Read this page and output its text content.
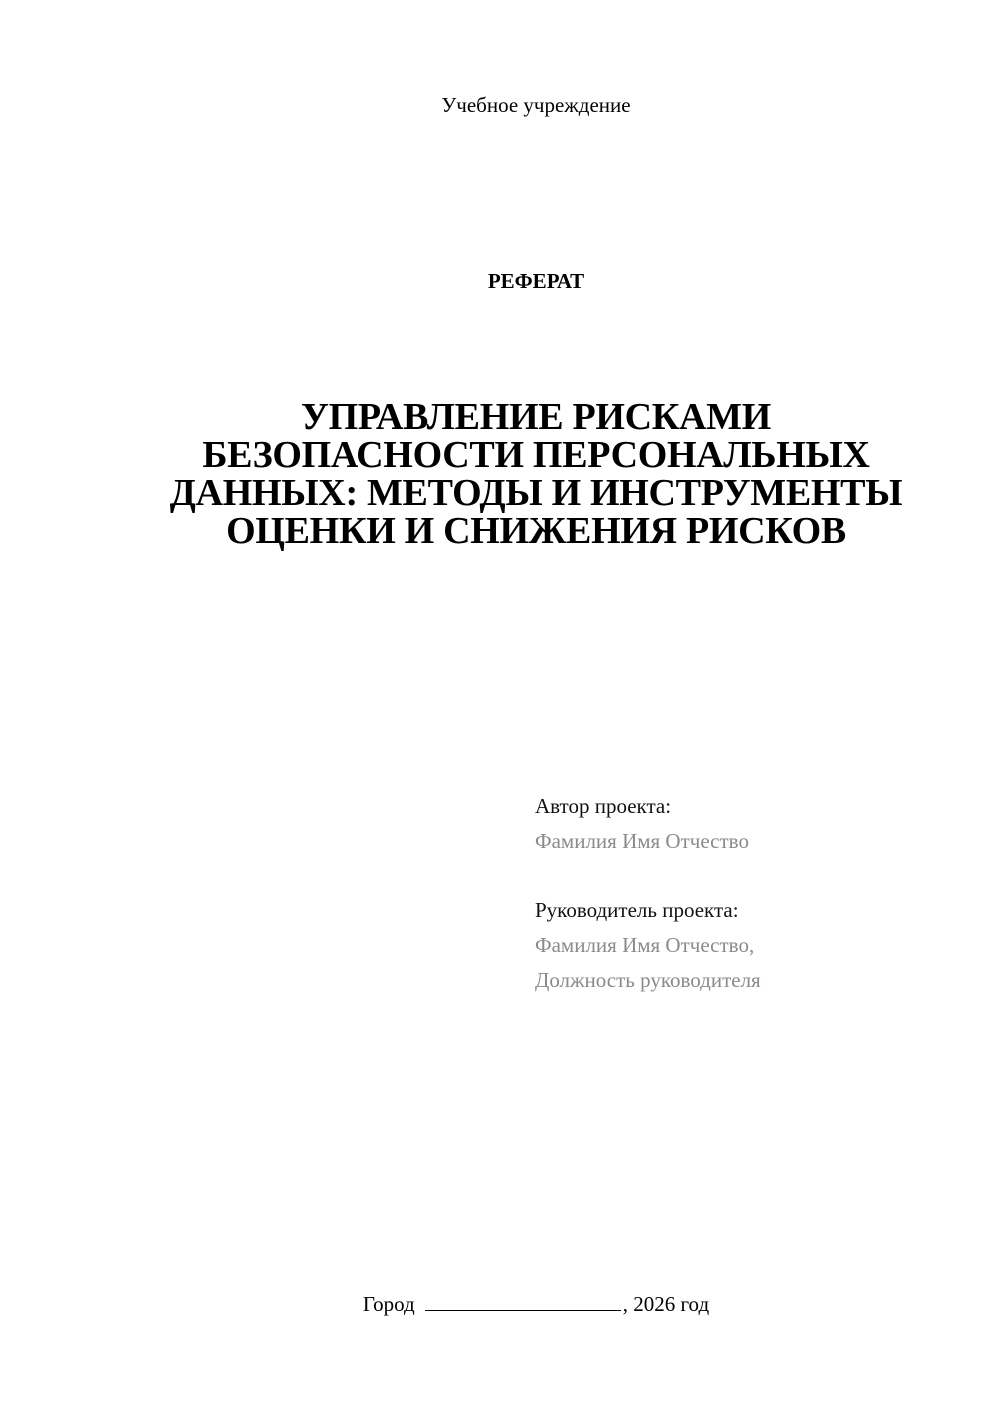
Учебное учреждение
РЕФЕРАТ
УПРАВЛЕНИЕ РИСКАМИ
БЕЗОПАСНОСТИ ПЕРСОНАЛЬНЫХ
ДАННЫХ: МЕТОДЫ И ИНСТРУМЕНТЫ
ОЦЕНКИ И СНИЖЕНИЯ РИСКОВ
Автор проекта:
Фамилия Имя Отчество
Руководитель проекта:
Фамилия Имя Отчество,
Должность руководителя
Город	, 2026 год
